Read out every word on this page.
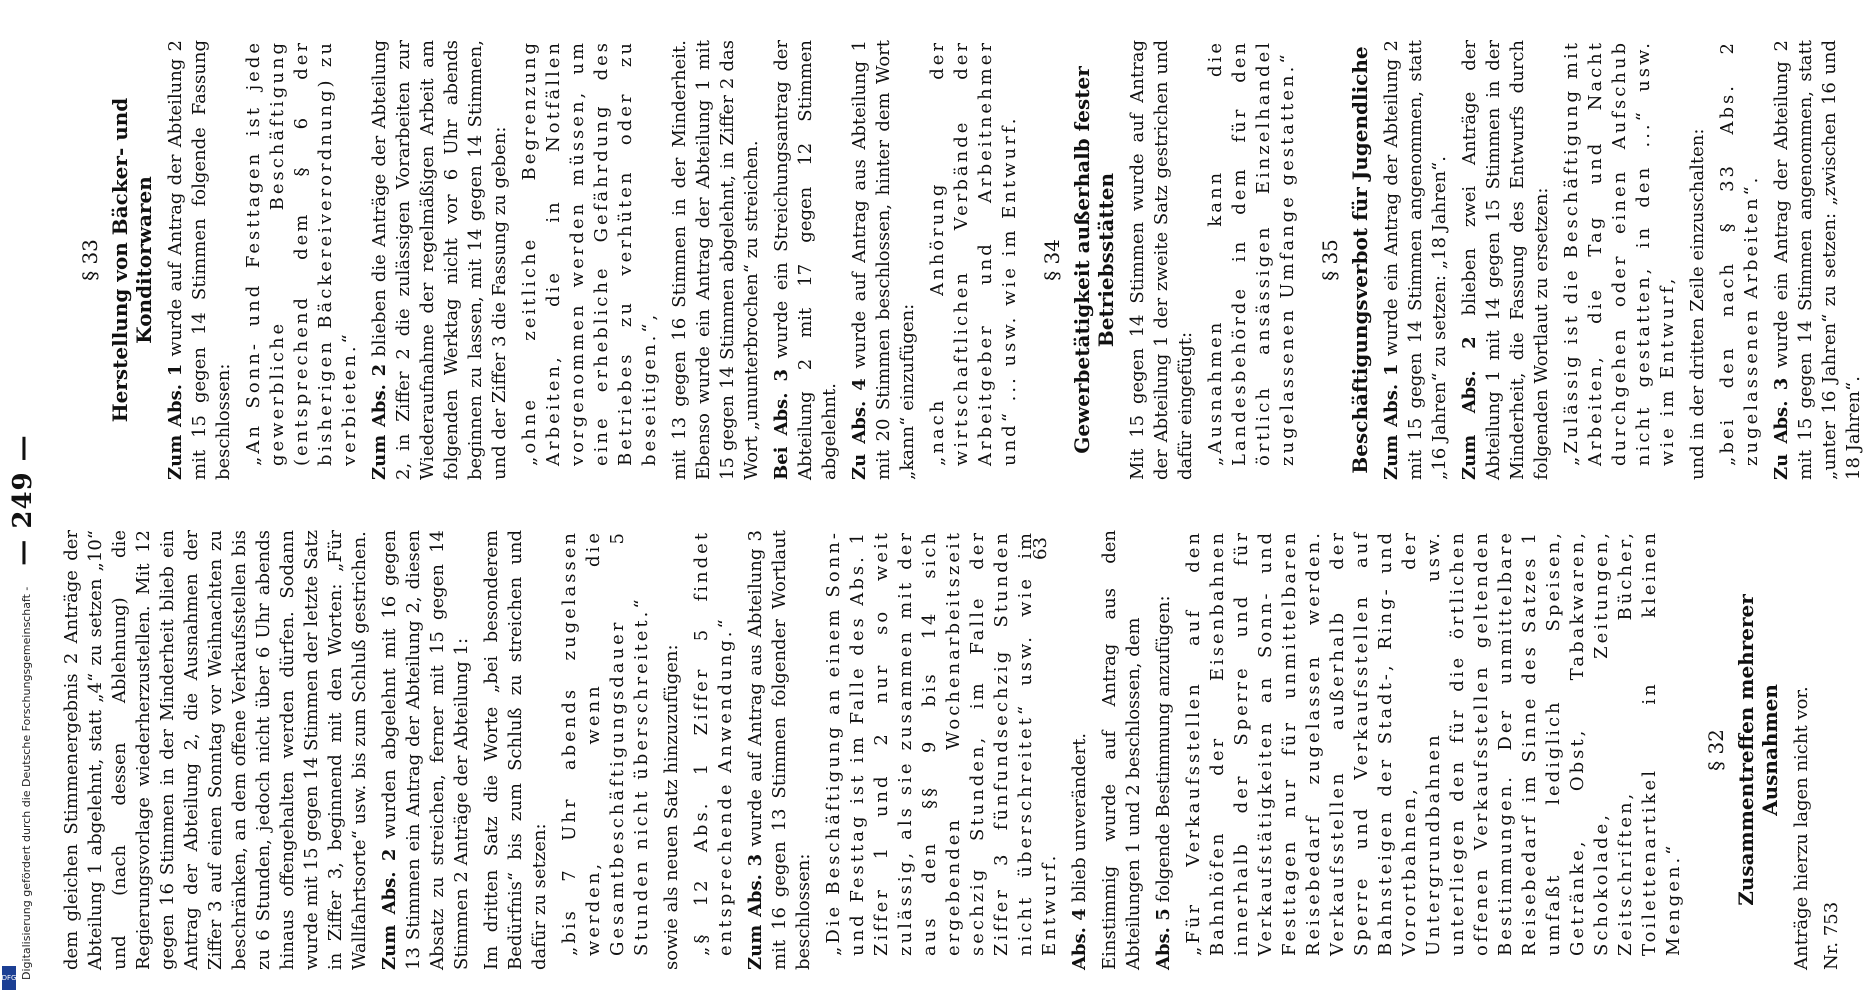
Digitalisierung gefördert durch die Deutsche Forschungsgemeinschaft -
DFG
— 249 —

dem gleichen Stimmenergebnis 2 Anträge der Abteilung 1 abgelehnt, statt „4“ zu setzen „10“ und (nach dessen Ablehnung) die Regierungsvorlage wiederherzustellen. Mit 12 gegen 16 Stimmen in der Minderheit blieb ein Antrag der Abteilung 2, die Ausnahmen der Ziffer 3 auf einen Sonntag vor Weihnachten zu beschränken, an dem offene Verkaufsstellen bis zu 6 Stunden, jedoch nicht über 6 Uhr abends hinaus offengehalten werden dürfen. Sodann wurde mit 15 gegen 14 Stimmen der letzte Satz in Ziffer 3, beginnend mit den Worten: „Für Wallfahrtsorte“ usw. bis zum Schluß gestrichen. Zum Abs. 2 wurden abgelehnt mit 16 gegen 13 Stimmen ein Antrag der Abteilung 2, diesen Absatz zu streichen, ferner mit 15 gegen 14 Stimmen 2 Anträge der Abteilung 1: Im dritten Satz die Worte „bei besonderem Bedürfnis“ bis zum Schluß zu streichen und dafür zu setzen: „bis 7 Uhr abends zugelassen werden, wenn die Gesamtbeschäftigungsdauer 5 Stunden nicht überschreitet.“ sowie als neuen Satz hinzuzufügen: „§ 12 Abs. 1 Ziffer 5 findet entsprechende Anwendung.“ Zum Abs. 3 wurde auf Antrag aus Abteilung 3 mit 16 gegen 13 Stimmen folgender Wortlaut beschlossen: „Die Beschäftigung an einem Sonn- und Festtag ist im Falle des Abs. 1 Ziffer 1 und 2 nur so weit zulässig, als sie zusammen mit der aus den §§ 9 bis 14 sich ergebenden Wochenarbeitszeit sechzig Stunden, im Falle der Ziffer 3 fünfundsechzig Stunden nicht überschreitet“ usw. wie im Entwurf. Abs. 4 blieb unverändert. Einstimmig wurde auf Antrag aus den Abteilungen 1 und 2 beschlossen, dem Abs. 5 folgende Bestimmung anzufügen: „Für Verkaufsstellen auf den Bahnhöfen der Eisenbahnen innerhalb der Sperre und für Verkaufstätigkeiten an Sonn- und Festtagen nur für unmittelbaren Reisebedarf zugelassen werden. Verkaufsstellen außerhalb der Sperre und Verkaufsstellen auf Bahnsteigen der Stadt-, Ring- und Vorortbahnen, der Untergrundbahnen usw. unterliegen den für die örtlichen offenen Verkaufsstellen geltenden Bestimmungen. Der unmittelbare Reisebedarf im Sinne des Satzes 1 umfaßt lediglich Speisen, Getränke, Obst, Tabakwaren, Schokolade, Zeitungen, Zeitschriften, Bücher, Toilettenartikel in kleinen Mengen.“

§ 32 Zusammentreffen mehrerer Ausnahmen Anträge hierzu lagen nicht vor. Nr. 753

§ 33 Herstellung von Bäcker- und Konditorwaren

Zum Abs. 1 wurde auf Antrag der Abteilung 2 mit 15 gegen 14 Stimmen folgende Fassung beschlossen: „An Sonn- und Festtagen ist jede gewerbliche Beschäftigung (entsprechend dem § 6 der bisherigen Bäckereiverordnung) zu verbieten.“ Zum Abs. 2 blieben die Anträge der Abteilung 2, in Ziffer 2 die zulässigen Vorarbeiten zur Wiederaufnahme der regelmäßigen Arbeit am folgenden Werktag nicht vor 6 Uhr abends beginnen zu lassen, mit 14 gegen 14 Stimmen, und der Ziffer 3 die Fassung zu geben: „ohne zeitliche Begrenzung Arbeiten, die in Notfällen vorgenommen werden müssen, um eine erhebliche Gefährdung des Betriebes zu verhüten oder zu beseitigen.“, mit 13 gegen 16 Stimmen in der Minderheit. Ebenso wurde ein Antrag der Abteilung 1 mit 15 gegen 14 Stimmen abgelehnt, in Ziffer 2 das Wort „ununterbrochen“ zu streichen. Bei Abs. 3 wurde ein Streichungsantrag der Abteilung 2 mit 17 gegen 12 Stimmen abgelehnt. Zu Abs. 4 wurde auf Antrag aus Abteilung 1 mit 20 Stimmen beschlossen, hinter dem Wort „kann“ einzufügen: „nach Anhörung der wirtschaftlichen Verbände der Arbeitgeber und Arbeitnehmer und“ ... usw. wie im Entwurf. § 34 Gewerbetätigkeit außerhalb fester Betriebsstätten Mit 15 gegen 14 Stimmen wurde auf Antrag der Abteilung 1 der zweite Satz gestrichen und dafür eingefügt: „Ausnahmen kann die Landesbehörde in dem für den örtlich ansässigen Einzelhandel zugelassenen Umfange gestatten.“ § 35 Beschäftigungsverbot für Jugendliche Zum Abs. 1 wurde ein Antrag der Abteilung 2 mit 15 gegen 14 Stimmen angenommen, statt „16 Jahren“ zu setzen: „18 Jahren“. Zum Abs. 2 blieben zwei Anträge der Abteilung 1 mit 14 gegen 15 Stimmen in der Minderheit, die Fassung des Entwurfs durch folgenden Wortlaut zu ersetzen: „Zulässig ist die Beschäftigung mit Arbeiten, die Tag und Nacht durchgehen oder einen Aufschub nicht gestatten, in den ...“ usw. wie im Entwurf, und in der dritten Zeile einzuschalten: „bei den nach § 33 Abs. 2 zugelassenen Arbeiten“. Zu Abs. 3 wurde ein Antrag der Abteilung 2 mit 15 gegen 14 Stimmen angenommen, statt „unter 16 Jahren“ zu setzen: „zwischen 16 und 18 Jahren“.

63
